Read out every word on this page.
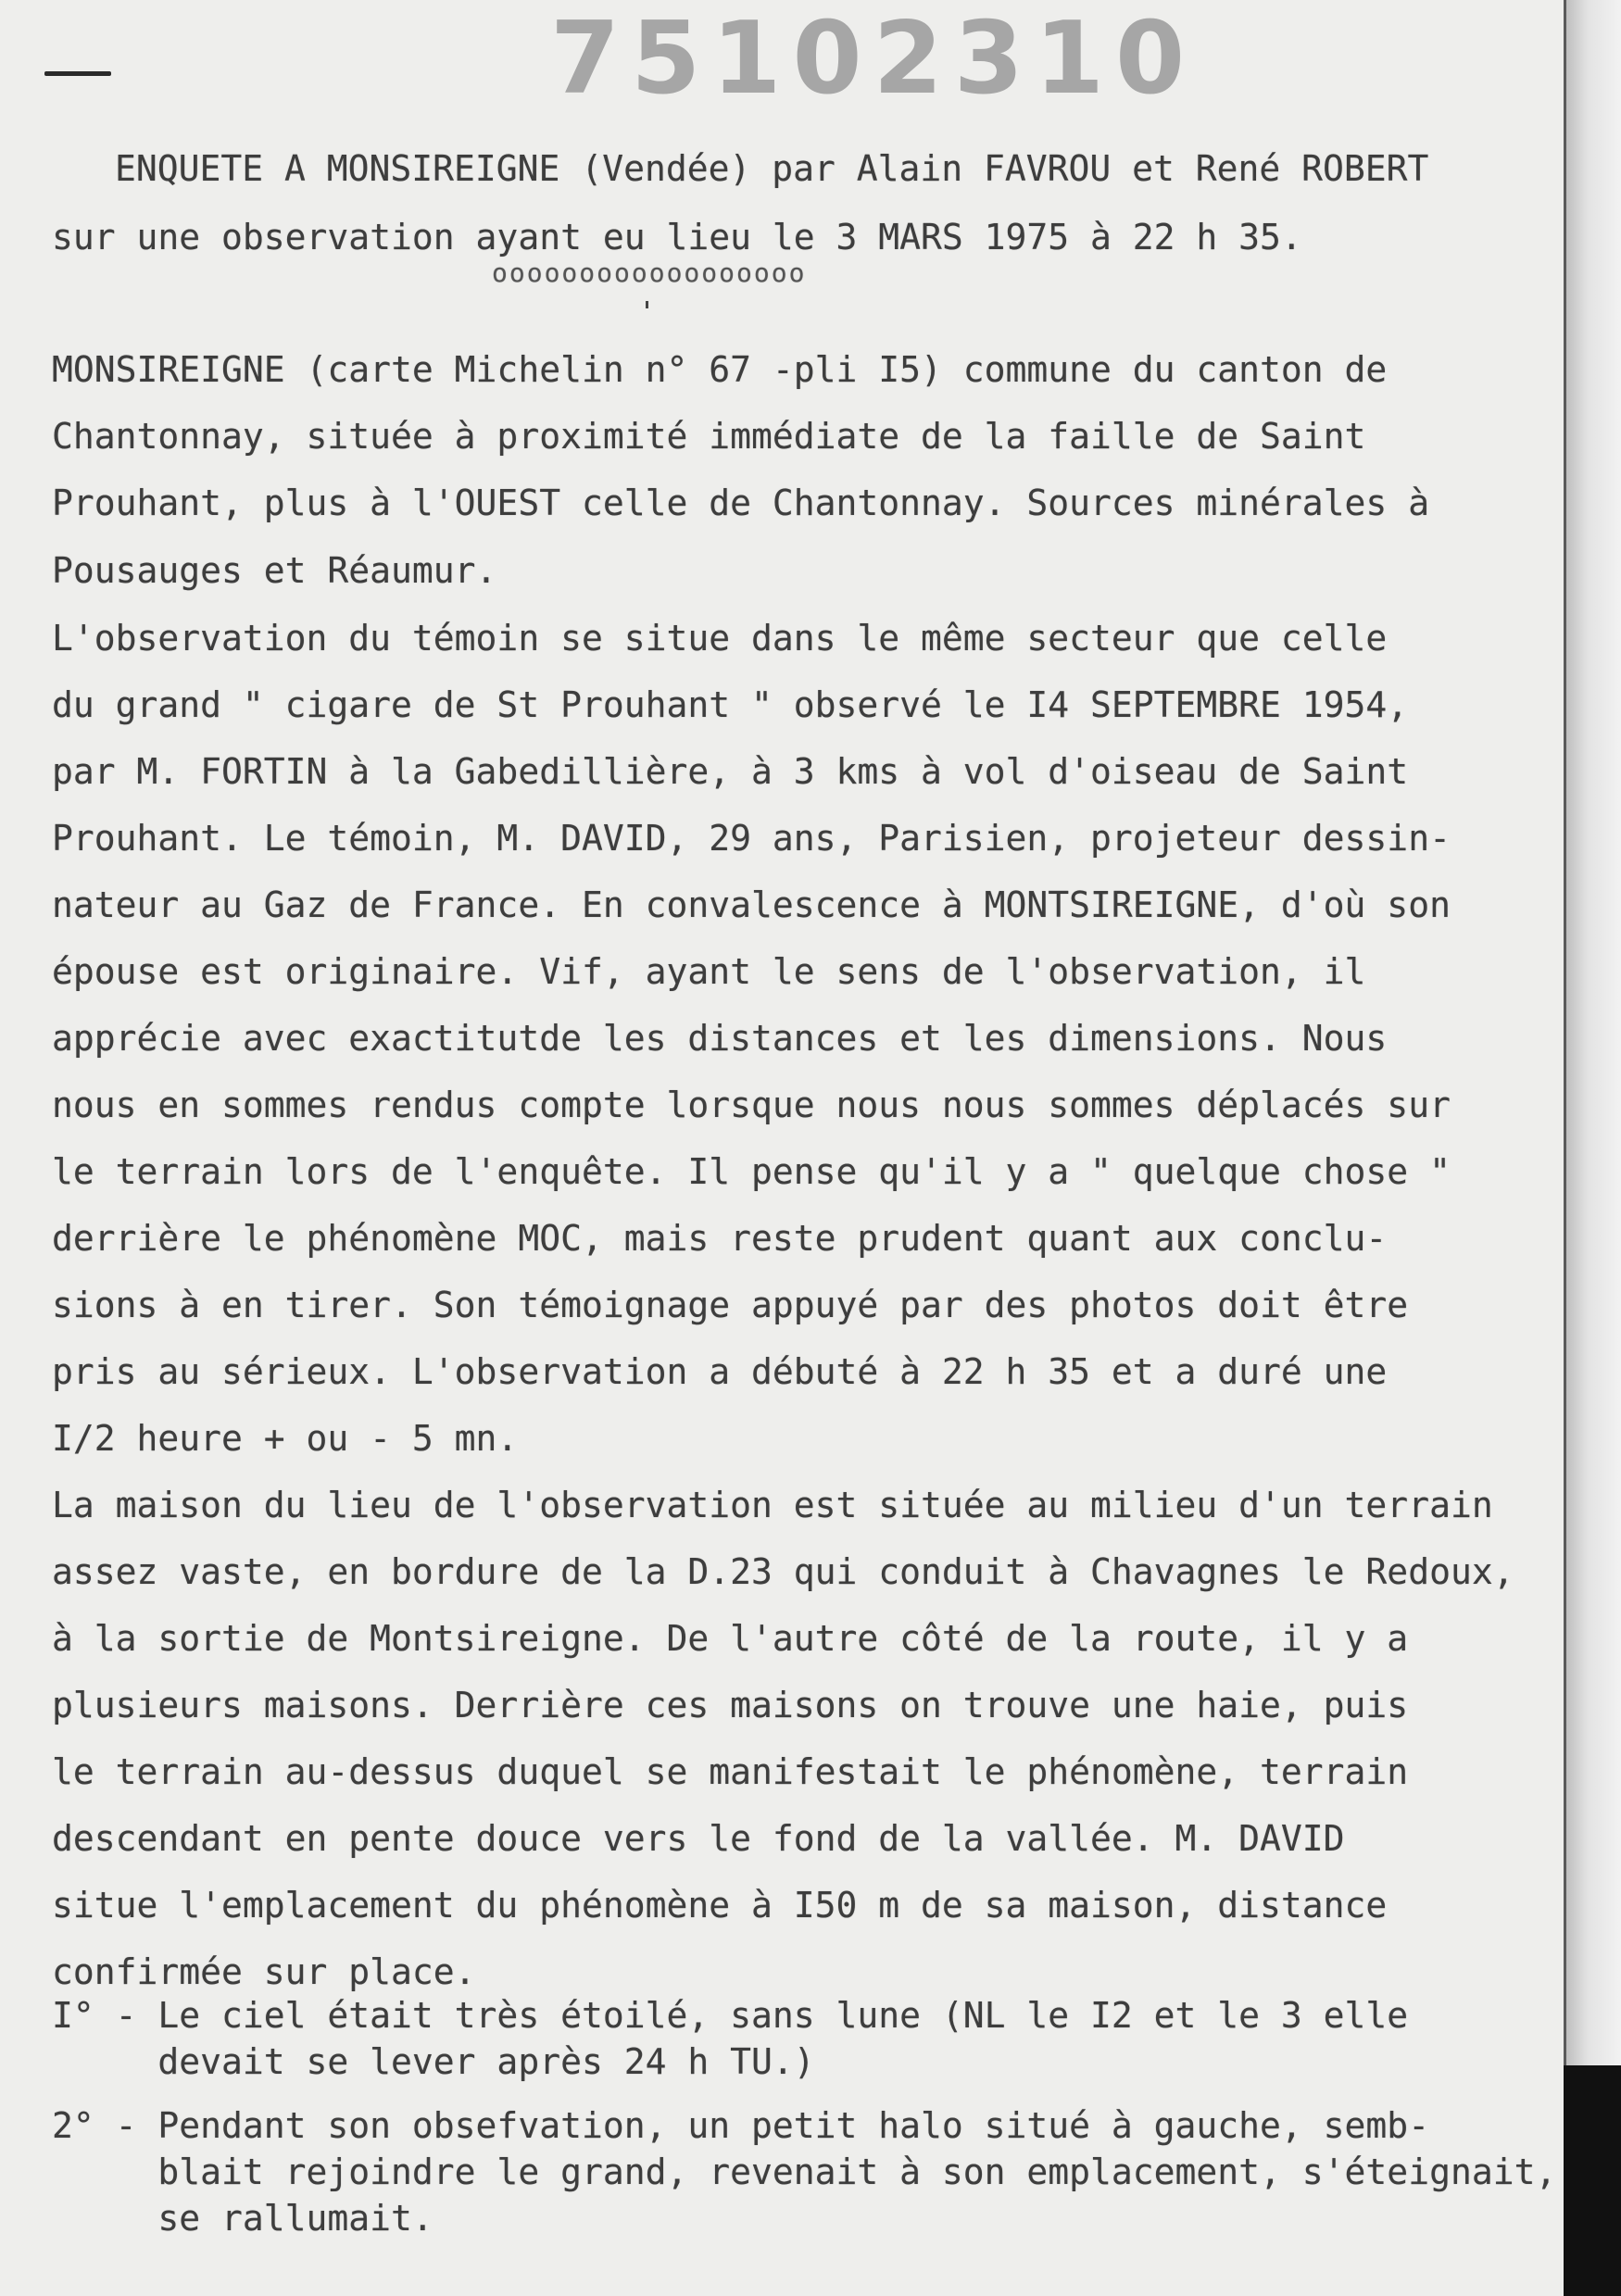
75102310
ENQUETE A MONSIREIGNE (Vendée) par Alain FAVROU et René ROBERT
sur une observation ayant eu lieu le 3 MARS 1975 à 22 h 35.
oooooooooooooooooo
MONSIREIGNE (carte Michelin n° 67 -pli I5) commune du canton de
Chantonnay, située à proximité immédiate de la faille de Saint
Prouhant, plus à l'OUEST celle de Chantonnay. Sources minérales à
Pousauges et Réaumur.
L'observation du témoin se situe dans le même secteur que celle
du grand " cigare de St Prouhant " observé le I4 SEPTEMBRE 1954,
par M. FORTIN à la Gabedillière, à 3 kms à vol d'oiseau de Saint
Prouhant. Le témoin, M. DAVID, 29 ans, Parisien, projeteur dessin-
nateur au Gaz de France. En convalescence à MONTSIREIGNE, d'où son
épouse est originaire. Vif, ayant le sens de l'observation, il
apprécie avec exactitutde les distances et les dimensions. Nous
nous en sommes rendus compte lorsque nous nous sommes déplacés sur
le terrain lors de l'enquête. Il pense qu'il y a " quelque chose "
derrière le phénomène MOC, mais reste prudent quant aux conclu-
sions à en tirer. Son témoignage appuyé par des photos doit être
pris au sérieux. L'observation a débuté à 22 h 35 et a duré une
I/2 heure + ou - 5 mn.
La maison du lieu de l'observation est située au milieu d'un terrain
assez vaste, en bordure de la D.23 qui conduit à Chavagnes le Redoux,
à la sortie de Montsireigne. De l'autre côté de la route, il y a
plusieurs maisons. Derrière ces maisons on trouve une haie, puis
le terrain au-dessus duquel se manifestait le phénomène, terrain
descendant en pente douce vers le fond de la vallée. M. DAVID
situe l'emplacement du phénomène à I50 m de sa maison, distance
confirmée sur place.
I° - Le ciel était très étoilé, sans lune (NL le I2 et le 3 elle
devait se lever après 24 h TU.)
2° - Pendant son obsefvation, un petit halo situé à gauche, semb-
blait rejoindre le grand, revenait à son emplacement, s'éteignait,
se rallumait.
